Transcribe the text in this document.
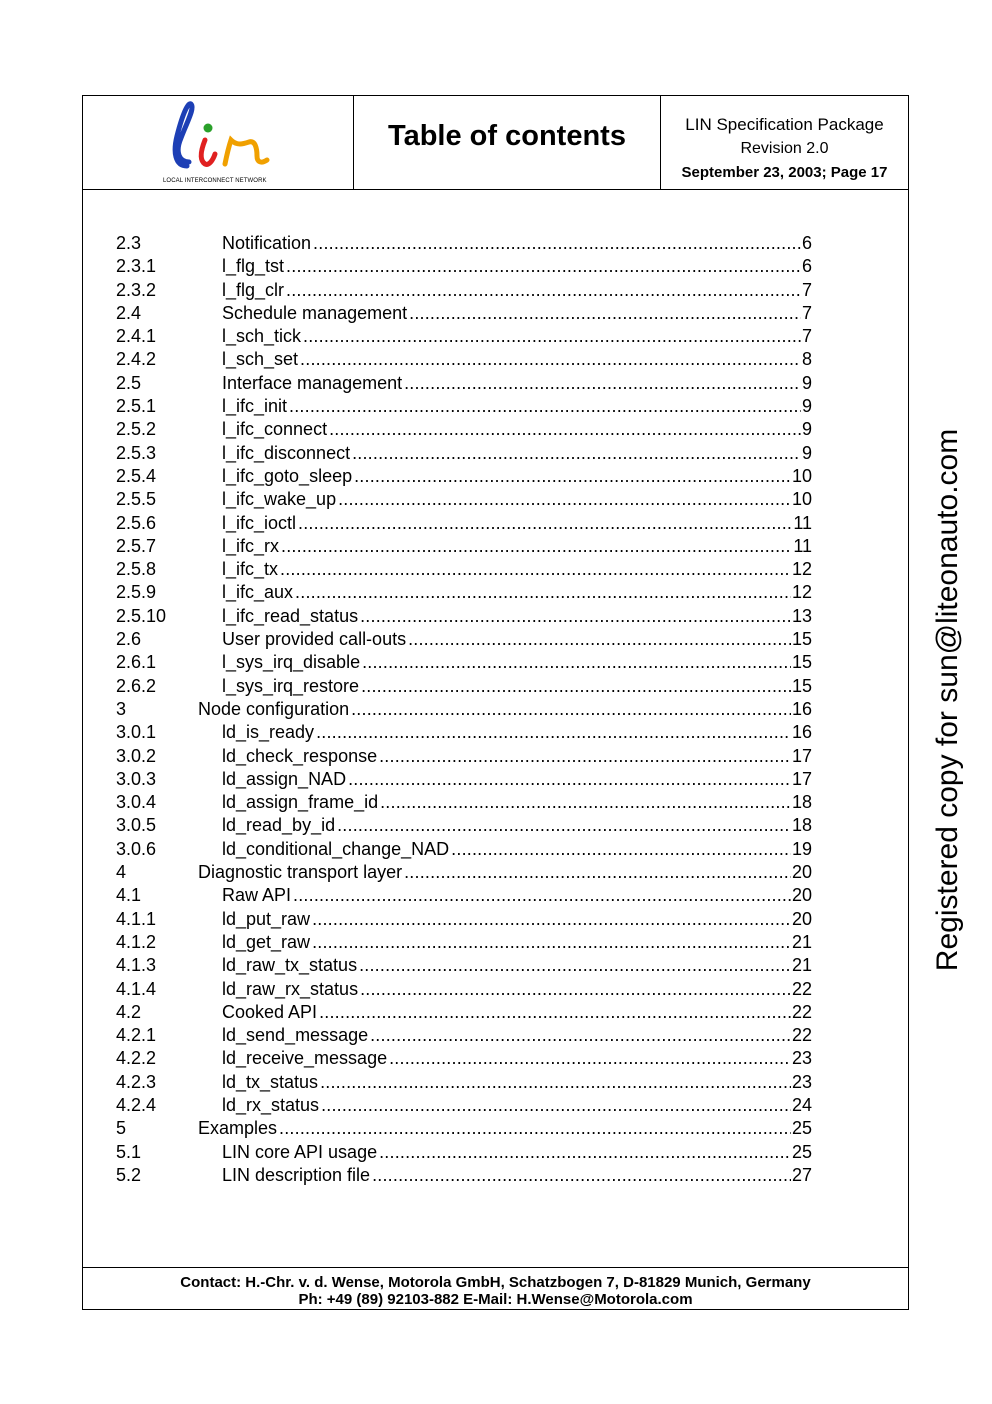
LOCAL INTERCONNECT NETWORK
Table of contents	LIN Specification Package
Revision 2.0
September 23, 2003; Page 17
Contact: H.-Chr. v. d. Wense, Motorola GmbH, Schatzbogen 7, D-81829 Munich, Germany
Ph: +49 (89) 92103-882 E-Mail: H.Wense@Motorola.com
2.3	Notification .....	6
2.3.1	l_flg_tst .....	6
2.3.2	l_flg_clr .....	7
2.4	Schedule management .....	7
2.4.1	l_sch_tick .....	7
2.4.2	l_sch_set .....	8
2.5	Interface management .....	9
2.5.1	l_ifc_init .....	9
2.5.2	l_ifc_connect .....	9
2.5.3	l_ifc_disconnect .....	9
2.5.4	l_ifc_goto_sleep .....	10
2.5.5	l_ifc_wake_up .....	10
2.5.6	l_ifc_ioctl .....	11
2.5.7	l_ifc_rx .....	11
2.5.8	l_ifc_tx .....	12
2.5.9	l_ifc_aux .....	12
2.5.10	l_ifc_read_status .....	13
2.6	User provided call-outs .....	15
2.6.1	l_sys_irq_disable .....	15
2.6.2	l_sys_irq_restore .....	15
3	Node configuration .....	16
3.0.1	ld_is_ready .....	16
3.0.2	ld_check_response .....	17
3.0.3	ld_assign_NAD .....	17
3.0.4	ld_assign_frame_id .....	18
3.0.5	ld_read_by_id .....	18
3.0.6	ld_conditional_change_NAD .....	19
4	Diagnostic transport layer .....	20
4.1	Raw API .....	20
4.1.1	ld_put_raw .....	20
4.1.2	ld_get_raw .....	21
4.1.3	ld_raw_tx_status .....	21
4.1.4	ld_raw_rx_status .....	22
4.2	Cooked API .....	22
4.2.1	ld_send_message .....	22
4.2.2	ld_receive_message .....	23
4.2.3	ld_tx_status .....	23
4.2.4	ld_rx_status .....	24
5	Examples .....	25
5.1	LIN core API usage .....	25
5.2	LIN description file .....	27
Registered copy for sun@liteonauto.com
